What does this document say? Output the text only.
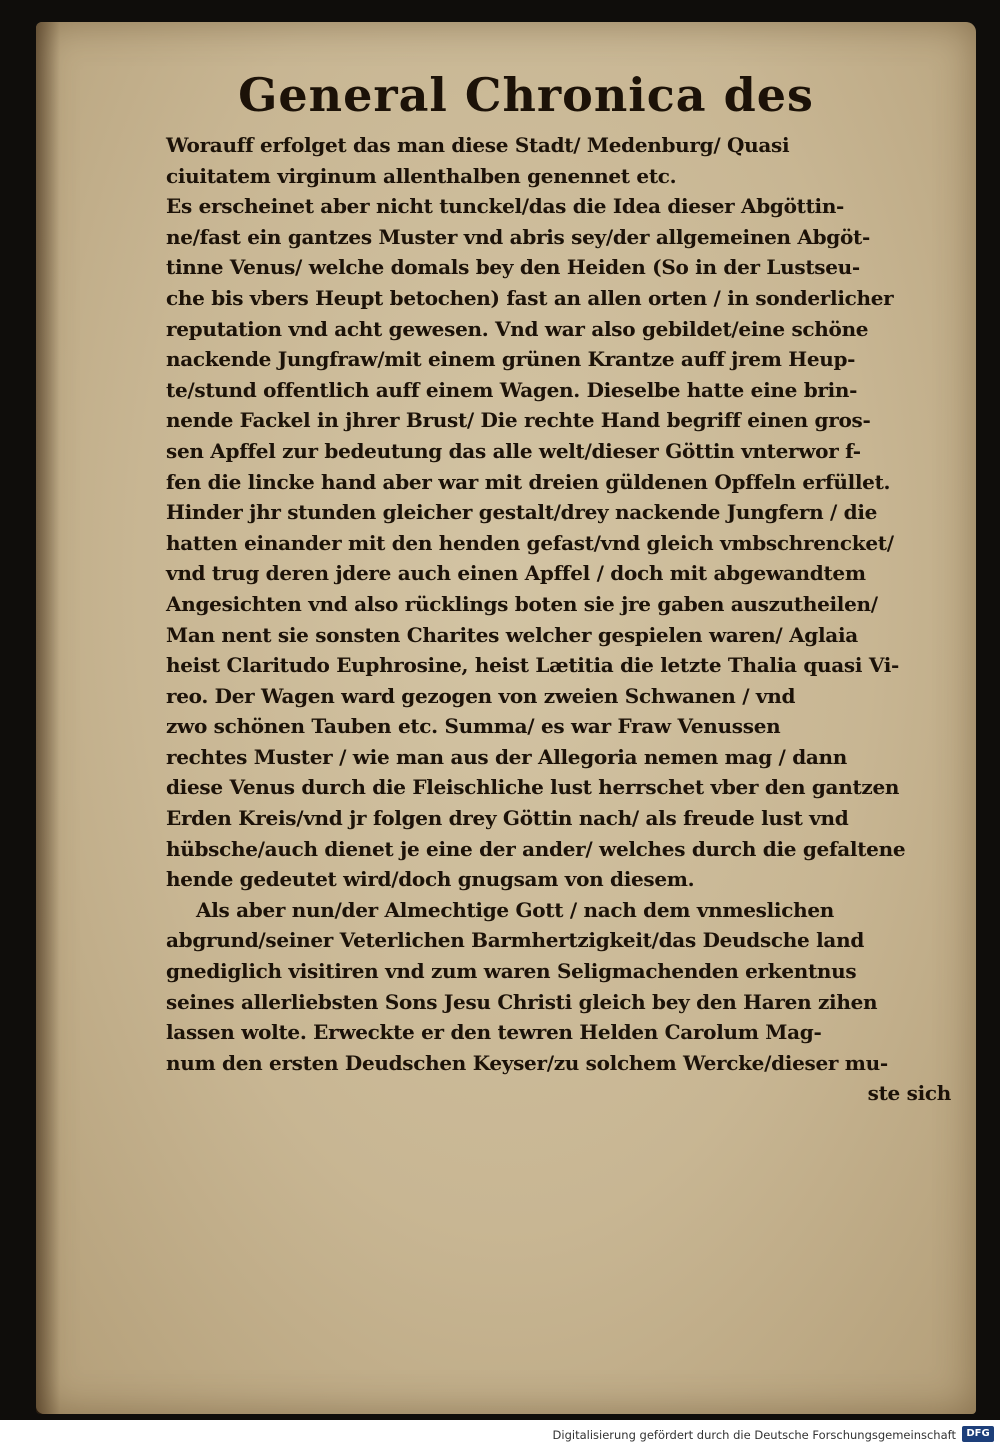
General Chronica des
Worauff erfolget das man diese Stadt/ Medenburg/ Quasi
ciuitatem virginum allenthalben genennet etc.
Es erscheinet aber nicht tunckel/das die Idea dieser Abgöttin-
ne/fast ein gantzes Muster vnd abris sey/der allgemeinen Abgöt-
tinne Venus/ welche domals bey den Heiden (So in der Lustseu-
che bis vbers Heupt betochen) fast an allen orten / in sonderlicher
reputation vnd acht gewesen. Vnd war also gebildet/eine schöne
nackende Jungfraw/mit einem grünen Krantze auff jrem Heup-
te/stund offentlich auff einem Wagen. Dieselbe hatte eine brin-
nende Fackel in jhrer Brust/ Die rechte Hand begriff einen gros-
sen Apffel zur bedeutung das alle welt/dieser Göttin vnterwor f-
fen die lincke hand aber war mit dreien güldenen Opffeln erfüllet.
Hinder jhr stunden gleicher gestalt/drey nackende Jungfern / die
hatten einander mit den henden gefast/vnd gleich vmbschrencket/
vnd trug deren jdere auch einen Apffel / doch mit abgewandtem
Angesichten vnd also rücklings boten sie jre gaben auszutheilen/
Man nent sie sonsten Charites welcher gespielen waren/ Aglaia
heist Claritudo Euphrosine, heist Lætitia die letzte Thalia quasi Vi-
reo. Der Wagen ward gezogen von zweien Schwanen / vnd
zwo schönen Tauben etc. Summa/ es war Fraw Venussen
rechtes Muster / wie man aus der Allegoria nemen mag / dann
diese Venus durch die Fleischliche lust herrschet vber den gantzen
Erden Kreis/vnd jr folgen drey Göttin nach/ als freude lust vnd
hübsche/auch dienet je eine der ander/ welches durch die gefaltene
hende gedeutet wird/doch gnugsam von diesem.
Als aber nun/der Almechtige Gott / nach dem vnmeslichen
abgrund/seiner Veterlichen Barmhertzigkeit/das Deudsche land
gnediglich visitiren vnd zum waren Seligmachenden erkentnus
seines allerliebsten Sons Jesu Christi gleich bey den Haren zihen
lassen wolte. Erweckte er den tewren Helden Carolum Mag-
num den ersten Deudschen Keyser/zu solchem Wercke/dieser mu-
ste sich
Digitalisierung gefördert durch die Deutsche Forschungsgemeinschaft	DFG
